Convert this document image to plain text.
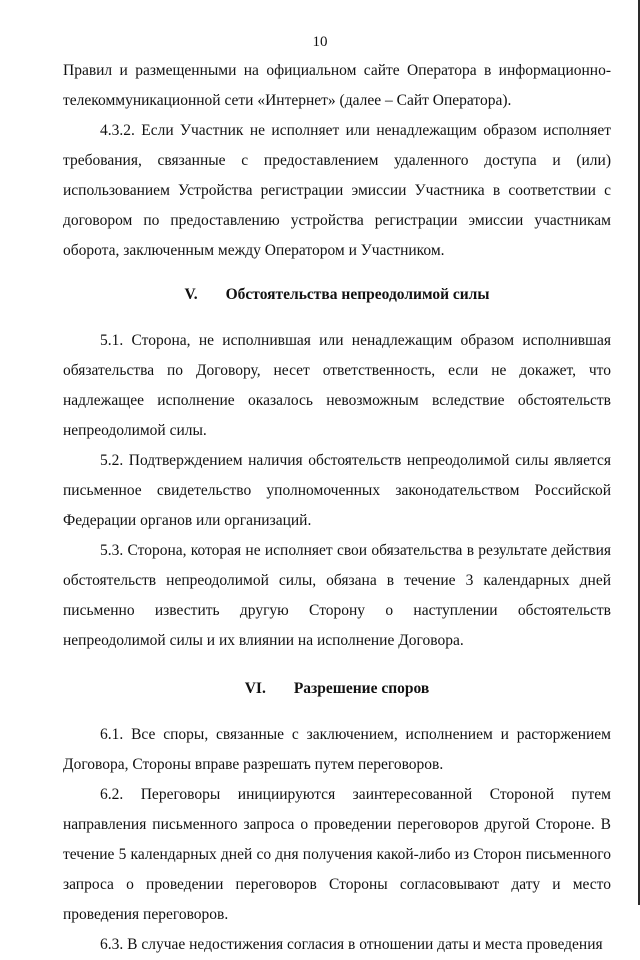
10

Правил и размещенными на официальном сайте Оператора в информационно-телекоммуникационной сети «Интернет» (далее – Сайт Оператора).

4.3.2. Если Участник не исполняет или ненадлежащим образом исполняет требования, связанные с предоставлением удаленного доступа и (или) использованием Устройства регистрации эмиссии Участника в соответствии с договором по предоставлению устройства регистрации эмиссии участникам оборота, заключенным между Оператором и Участником.

V. Обстоятельства непреодолимой силы

5.1. Сторона, не исполнившая или ненадлежащим образом исполнившая обязательства по Договору, несет ответственность, если не докажет, что надлежащее исполнение оказалось невозможным вследствие обстоятельств непреодолимой силы.

5.2. Подтверждением наличия обстоятельств непреодолимой силы является письменное свидетельство уполномоченных законодательством Российской Федерации органов или организаций.

5.3. Сторона, которая не исполняет свои обязательства в результате действия обстоятельств непреодолимой силы, обязана в течение 3 календарных дней письменно известить другую Сторону о наступлении обстоятельств непреодолимой силы и их влиянии на исполнение Договора.

VI. Разрешение споров

6.1. Все споры, связанные с заключением, исполнением и расторжением Договора, Стороны вправе разрешать путем переговоров.

6.2. Переговоры инициируются заинтересованной Стороной путем направления письменного запроса о проведении переговоров другой Стороне. В течение 5 календарных дней со дня получения какой-либо из Сторон письменного запроса о проведении переговоров Стороны согласовывают дату и место проведения переговоров.

6.3. В случае недостижения согласия в отношении даты и места проведения
